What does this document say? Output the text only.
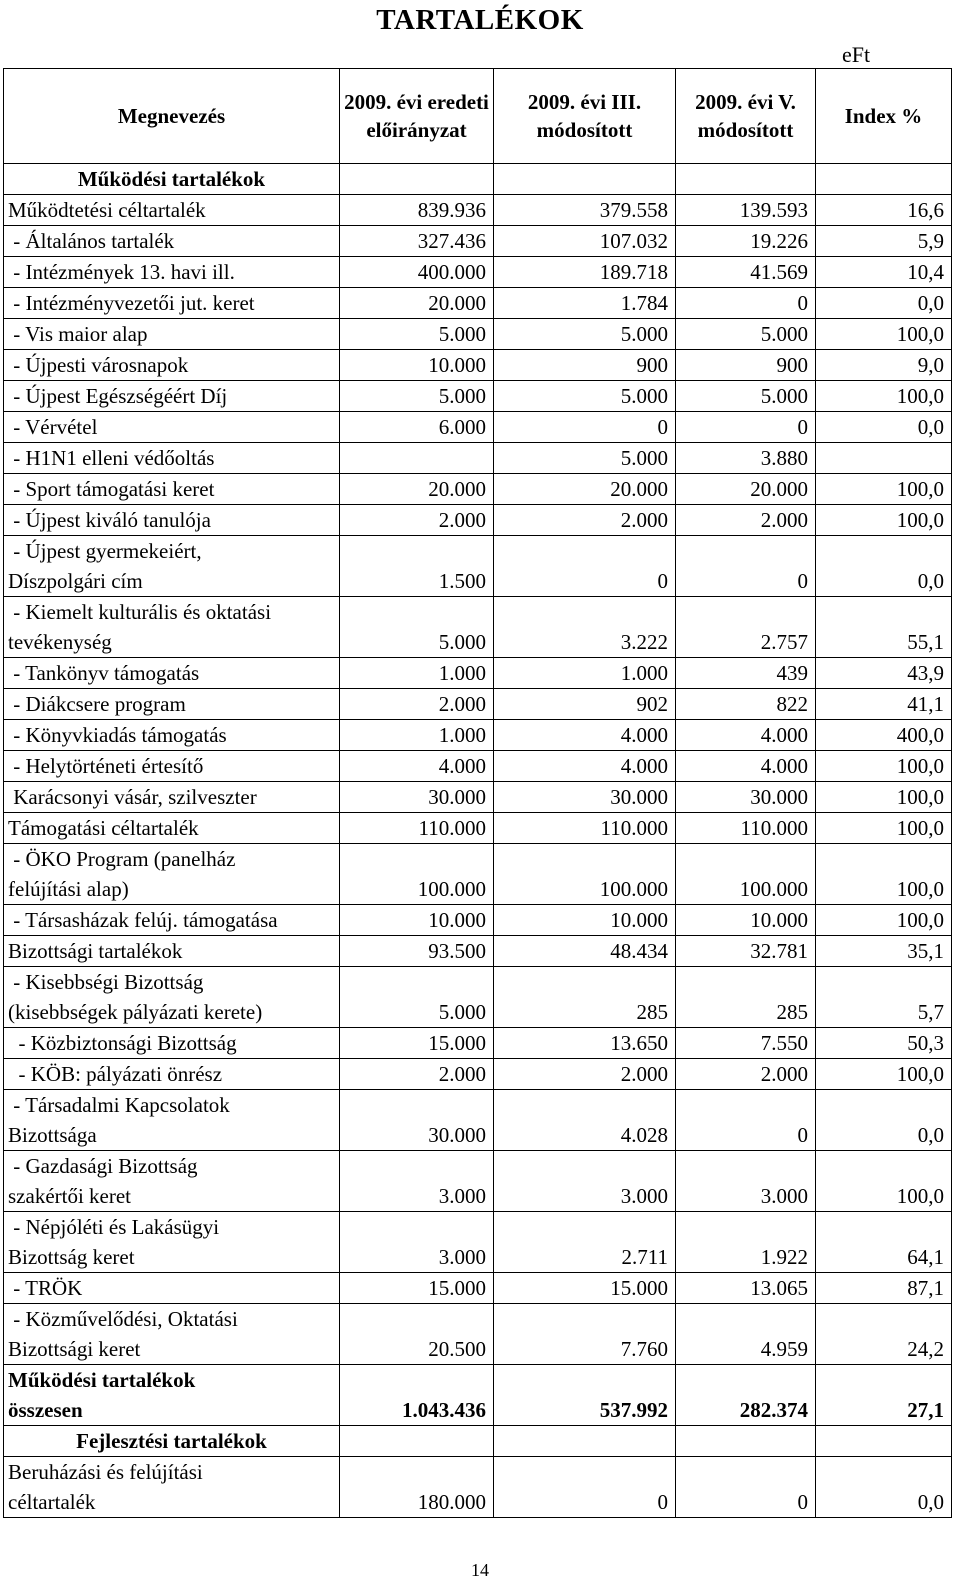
TARTALÉKOK
eFt
Megnevezés	2009. évi eredeti előirányzat	2009. évi III. módosított	2009. évi V. módosított	Index %
Működési tartalékok				
Működtetési céltartalék	839.936	379.558	139.593	16,6
- Általános tartalék	327.436	107.032	19.226	5,9
- Intézmények 13. havi ill.	400.000	189.718	41.569	10,4
- Intézményvezetői jut. keret	20.000	1.784	0	0,0
- Vis maior alap	5.000	5.000	5.000	100,0
- Újpesti városnapok	10.000	900	900	9,0
- Újpest Egészségéért Díj	5.000	5.000	5.000	100,0
- Vérvétel	6.000	0	0	0,0
- H1N1 elleni védőoltás		5.000	3.880	
- Sport támogatási keret	20.000	20.000	20.000	100,0
- Újpest kiváló tanulója	2.000	2.000	2.000	100,0

- Újpest gyermekeiért,
Díszpolgári cím	1.500	0	0	0,0

- Kiemelt kulturális és oktatási
tevékenység	5.000	3.222	2.757	55,1
- Tankönyv támogatás	1.000	1.000	439	43,9
- Diákcsere program	2.000	902	822	41,1
- Könyvkiadás támogatás	1.000	4.000	4.000	400,0
- Helytörténeti értesítő	4.000	4.000	4.000	100,0
Karácsonyi vásár, szilveszter	30.000	30.000	30.000	100,0
Támogatási céltartalék	110.000	110.000	110.000	100,0

- ÖKO Program (panelház
felújítási alap)	100.000	100.000	100.000	100,0
- Társasházak felúj. támogatása	10.000	10.000	10.000	100,0
Bizottsági tartalékok	93.500	48.434	32.781	35,1

- Kisebbségi Bizottság
(kisebbségek pályázati kerete)	5.000	285	285	5,7
- Közbiztonsági Bizottság	15.000	13.650	7.550	50,3
- KÖB: pályázati önrész	2.000	2.000	2.000	100,0

- Társadalmi Kapcsolatok
Bizottsága	30.000	4.028	0	0,0

- Gazdasági Bizottság
szakértői keret	3.000	3.000	3.000	100,0

- Népjóléti és Lakásügyi
Bizottság keret	3.000	2.711	1.922	64,1
- TRÖK	15.000	15.000	13.065	87,1

- Közművelődési, Oktatási
Bizottsági keret	20.500	7.760	4.959	24,2

Működési tartalékok
összesen	1.043.436	537.992	282.374	27,1
Fejlesztési tartalékok				

Beruházási és felújítási
céltartalék	180.000	0	0	0,0
14
